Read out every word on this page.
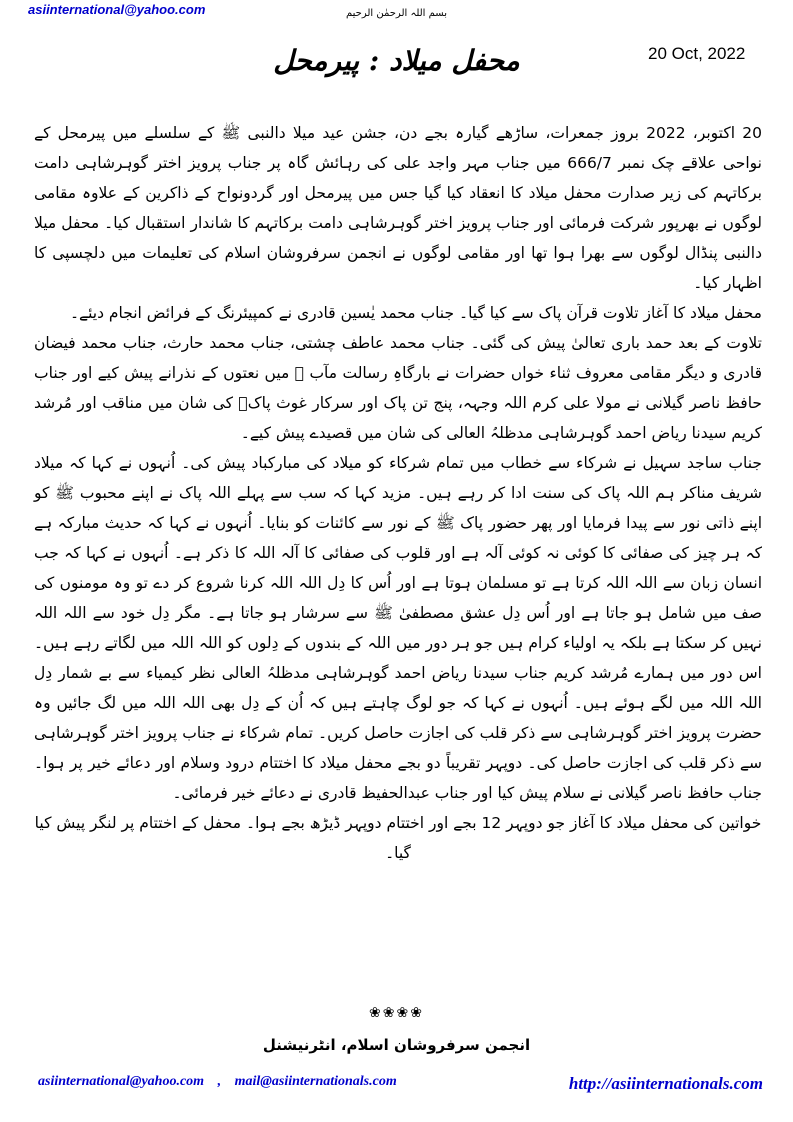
asiinternational@yahoo.com	بسم اللہ الرحمٰن الرحیم
محفل میلاد : پیرمحل	20 Oct, 2022

20 اکتوبر، 2022 بروز جمعرات، ساڑھے گیارہ بجے دن، جشن عید میلا دالنبی ﷺ کے سلسلے میں پیرمحل کے نواحی علاقے چک نمبر 666/7 میں جناب مہر واجد علی کی رہائش گاہ پر جناب پرویز اختر گوہرشاہی دامت برکاتہم کی زیر صدارت محفل میلاد کا انعقاد کیا گیا جس میں پیرمحل اور گردونواح کے ذاکرین کے علاوہ مقامی لوگوں نے بھرپور شرکت فرمائی اور جناب پرویز اختر گوہرشاہی دامت برکاتہم کا شاندار استقبال کیا۔ محفل میلا دالنبی پنڈال لوگوں سے بھرا ہوا تھا اور مقامی لوگوں نے انجمن سرفروشان اسلام کی تعلیمات میں دلچسپی کا اظہار کیا۔

محفل میلاد کا آغاز تلاوت قرآن پاک سے کیا گیا۔ جناب محمد یٰسین قادری نے کمپیئرنگ کے فرائض انجام دیئے۔

تلاوت کے بعد حمد باری تعالیٰ پیش کی گئی۔ جناب محمد عاطف چشتی، جناب محمد حارث، جناب محمد فیضان قادری و دیگر مقامی معروف ثناء خواں حضرات نے بارگاہِ رسالت مآب ﷺ میں نعتوں کے نذرانے پیش کیے اور جناب حافظ ناصر گیلانی نے مولا علی کرم اللہ وجہہ، پنج تن پاک اور سرکار غوث پاکؓ کی شان میں مناقب اور مُرشد کریم سیدنا ریاض احمد گوہرشاہی مدظلہُ العالی کی شان میں قصیدے پیش کیے۔

جناب ساجد سہیل نے شرکاء سے خطاب میں تمام شرکاء کو میلاد کی مبارکباد پیش کی۔ اُنہوں نے کہا کہ میلاد شریف مناکر ہم اللہ پاک کی سنت ادا کر رہے ہیں۔ مزید کہا کہ سب سے پہلے اللہ پاک نے اپنے محبوب ﷺ کو اپنے ذاتی نور سے پیدا فرمایا اور پھر حضور پاک ﷺ کے نور سے کائنات کو بنایا۔ اُنہوں نے کہا کہ حدیث مبارکہ ہے کہ ہر چیز کی صفائی کا کوئی نہ کوئی آلہ ہے اور قلوب کی صفائی کا آلہ اللہ کا ذکر ہے۔ اُنہوں نے کہا کہ جب انسان زبان سے اللہ اللہ کرتا ہے تو مسلمان ہوتا ہے اور اُس کا دِل اللہ اللہ کرنا شروع کر دے تو وہ مومنوں کی صف میں شامل ہو جاتا ہے اور اُس دِل عشق مصطفیٰ ﷺ سے سرشار ہو جاتا ہے۔ مگر دِل خود سے اللہ اللہ نہیں کر سکتا ہے بلکہ یہ اولیاء کرام ہیں جو ہر دور میں اللہ کے بندوں کے دِلوں کو اللہ اللہ میں لگاتے رہے ہیں۔ اس دور میں ہمارے مُرشد کریم جناب سیدنا ریاض احمد گوہرشاہی مدظلہُ العالی نظر کیمیاء سے بے شمار دِل اللہ اللہ میں لگے ہوئے ہیں۔ اُنہوں نے کہا کہ جو لوگ چاہتے ہیں کہ اُن کے دِل بھی اللہ اللہ میں لگ جائیں وہ حضرت پرویز اختر گوہرشاہی سے ذکر قلب کی اجازت حاصل کریں۔ تمام شرکاء نے جناب پرویز اختر گوہرشاہی سے ذکر قلب کی اجازت حاصل کی۔ دوپہر تقریباً دو بجے محفل میلاد کا اختتام درود وسلام اور دعائے خیر پر ہوا۔ جناب حافظ ناصر گیلانی نے سلام پیش کیا اور جناب عبدالحفیظ قادری نے دعائے خیر فرمائی۔

خواتین کی محفل میلاد کا آغاز جو دوپہر 12 بجے اور اختتام دوپہر ڈیڑھ بجے ہوا۔ محفل کے اختتام پر لنگر پیش کیا گیا۔

❀❀❀❀
انجمن سرفروشان اسلام، انٹرنیشنل
asiinternational@yahoo.com , mail@asiinternationals.com	http://asiinternationals.com
